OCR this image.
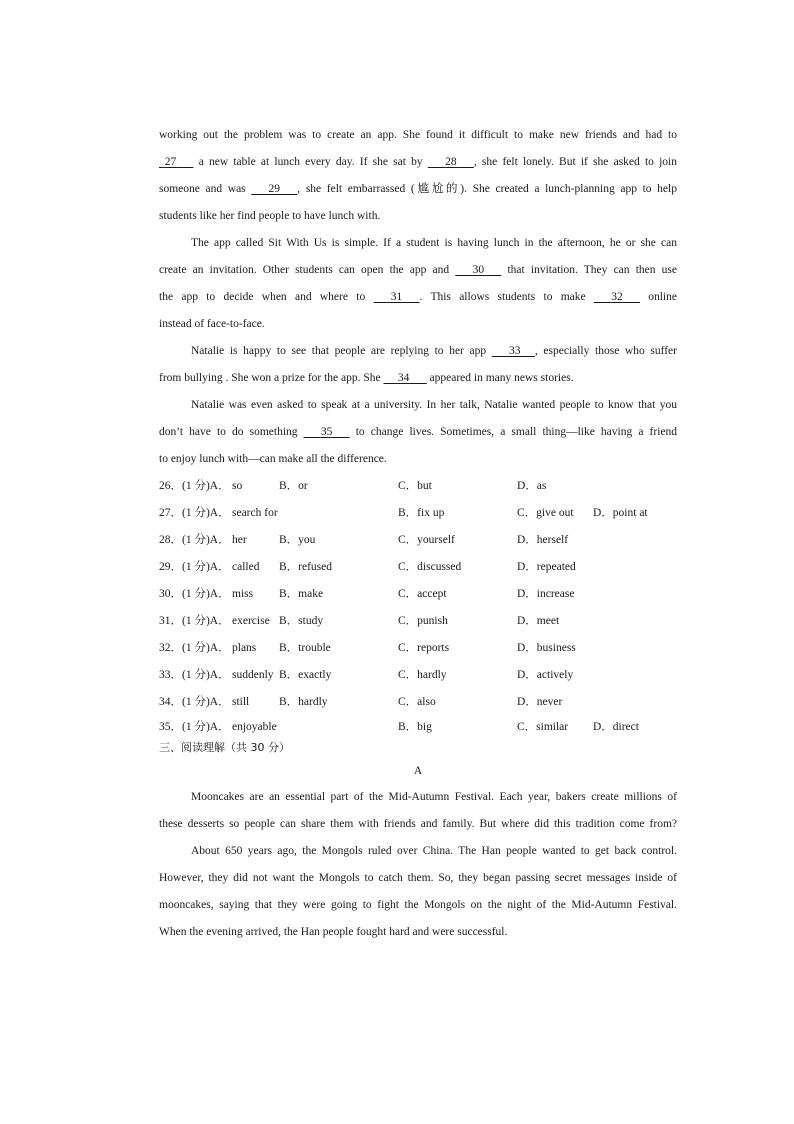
working out the problem was to create an app. She found it difficult to make new friends and had to
27       a new table at lunch every day. If she sat by       28 , she felt lonely. But if she asked to join
someone and was       29 , she felt embarrassed (尴尬的). She created a lunch-planning app to help
students like her find people to have lunch with.
The app called Sit With Us is simple. If a student is having lunch in the afternoon, he or she can
create an invitation. Other students can open the app and       30       that invitation. They can then use
the app to decide when and where to       31 . This allows students to make       32       online
instead of face-to-face.
Natalie is happy to see that people are replying to her app       33 , especially those who suffer
from bullying . She won a prize for the app. She      34       appeared in many news stories.
Natalie was even asked to speak at a university. In her talk, Natalie wanted people to know that you
don’t have to do something       35       to change lives. Sometimes, a small thing—like having a friend
to enjoy lunch with—can make all the difference.
26．(1 分)A． so	B．or	C．but	D．as
27．(1 分)A． search for	B．fix up	C．give out D．point at
28．(1 分)A． her	B．you	C．yourself	D．herself
29．(1 分)A． called B．refused	C．discussed	D．repeated
30．(1 分)A． miss B．make	C．accept	D．increase
31．(1 分)A． exercise B．study	C．punish	D．meet
32．(1 分)A． plans B．trouble	C．reports	D．business
33．(1 分)A． suddenly B．exactly	C．hardly	D．actively
34．(1 分)A． still	B．hardly	C．also	D．never
35．(1 分)A． enjoyable	B．big	C．similar D．direct
三、阅读理解（共 30 分）
A
Mooncakes are an essential part of the Mid-Autumn Festival. Each year, bakers create millions of
these desserts so people can share them with friends and family. But where did this tradition come from?
About 650 years ago, the Mongols ruled over China. The Han people wanted to get back control.
However, they did not want the Mongols to catch them. So, they began passing secret messages inside of
mooncakes, saying that they were going to fight the Mongols on the night of the Mid-Autumn Festival.
When the evening arrived, the Han people fought hard and were successful.
